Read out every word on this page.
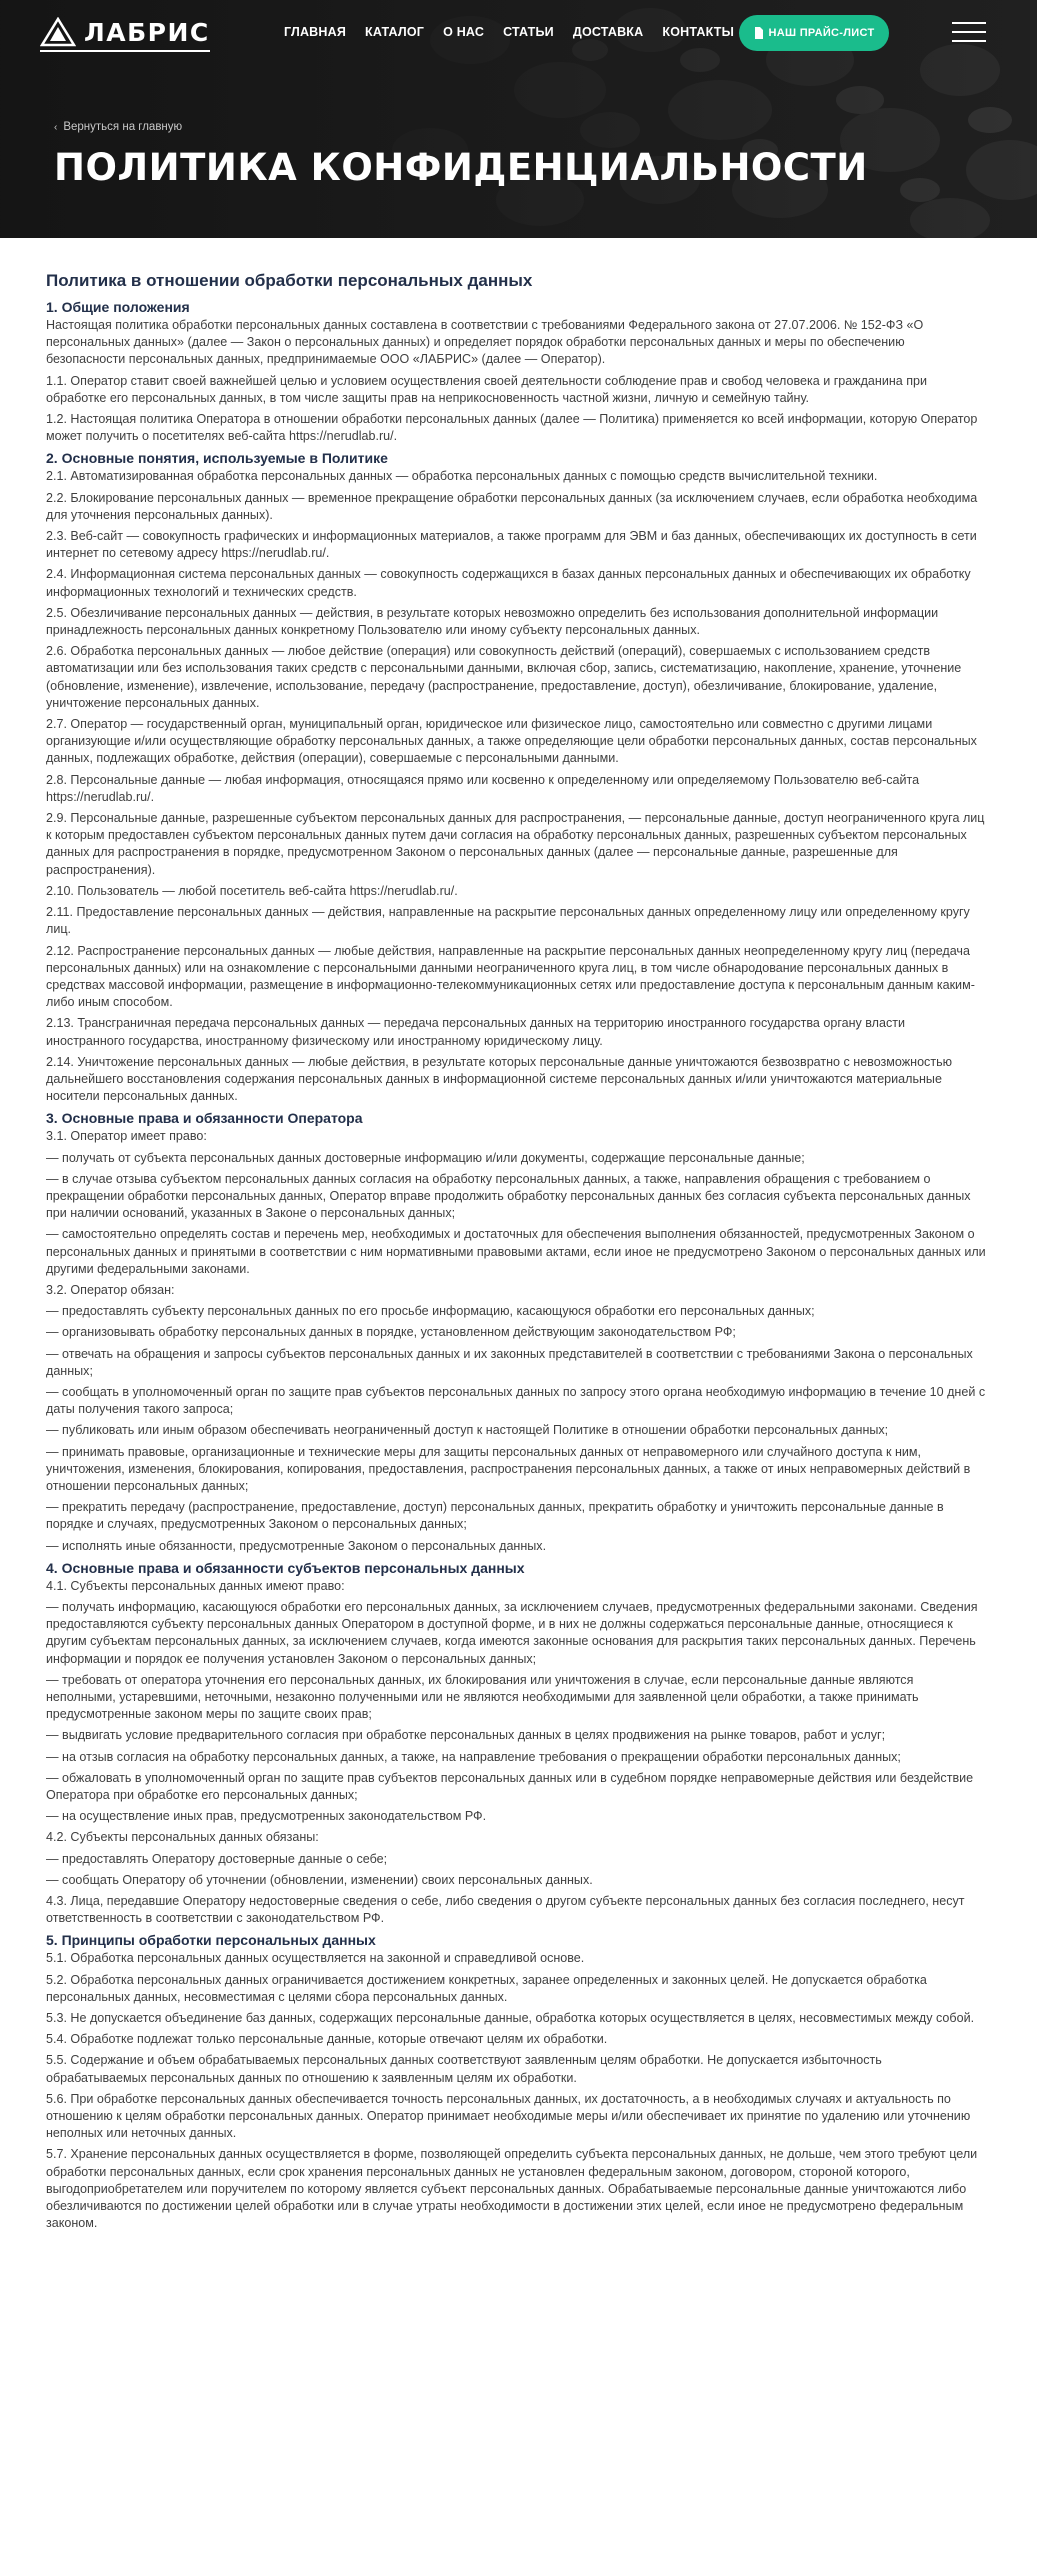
ЛАБРИС	ГЛАВНАЯ КАТАЛОГ О НАС СТАТЬИ ДОСТАВКА КОНТАКТЫ	НАШ ПРАЙС-ЛИСТ
‹ Вернуться на главную
ПОЛИТИКА КОНФИДЕНЦИАЛЬНОСТИ
Политика в отношении обработки персональных данных
1. Общие положения

Настоящая политика обработки персональных данных составлена в соответствии с требованиями Федерального закона от 27.07.2006. № 152-ФЗ «О персональных данных» (далее — Закон о персональных данных) и определяет порядок обработки персональных данных и меры по обеспечению безопасности персональных данных, предпринимаемые ООО «ЛАБРИС» (далее — Оператор).

1.1. Оператор ставит своей важнейшей целью и условием осуществления своей деятельности соблюдение прав и свобод человека и гражданина при обработке его персональных данных, в том числе защиты прав на неприкосновенность частной жизни, личную и семейную тайну.

1.2. Настоящая политика Оператора в отношении обработки персональных данных (далее — Политика) применяется ко всей информации, которую Оператор может получить о посетителях веб-сайта https://nerudlab.ru/.

2. Основные понятия, используемые в Политике

2.1. Автоматизированная обработка персональных данных — обработка персональных данных с помощью средств вычислительной техники.

2.2. Блокирование персональных данных — временное прекращение обработки персональных данных (за исключением случаев, если обработка необходима для уточнения персональных данных).

2.3. Веб-сайт — совокупность графических и информационных материалов, а также программ для ЭВМ и баз данных, обеспечивающих их доступность в сети интернет по сетевому адресу https://nerudlab.ru/.

2.4. Информационная система персональных данных — совокупность содержащихся в базах данных персональных данных и обеспечивающих их обработку информационных технологий и технических средств.

2.5. Обезличивание персональных данных — действия, в результате которых невозможно определить без использования дополнительной информации принадлежность персональных данных конкретному Пользователю или иному субъекту персональных данных.

2.6. Обработка персональных данных — любое действие (операция) или совокупность действий (операций), совершаемых с использованием средств автоматизации или без использования таких средств с персональными данными, включая сбор, запись, систематизацию, накопление, хранение, уточнение (обновление, изменение), извлечение, использование, передачу (распространение, предоставление, доступ), обезличивание, блокирование, удаление, уничтожение персональных данных.

2.7. Оператор — государственный орган, муниципальный орган, юридическое или физическое лицо, самостоятельно или совместно с другими лицами организующие и/или осуществляющие обработку персональных данных, а также определяющие цели обработки персональных данных, состав персональных данных, подлежащих обработке, действия (операции), совершаемые с персональными данными.

2.8. Персональные данные — любая информация, относящаяся прямо или косвенно к определенному или определяемому Пользователю веб-сайта https://nerudlab.ru/.

2.9. Персональные данные, разрешенные субъектом персональных данных для распространения, — персональные данные, доступ неограниченного круга лиц к которым предоставлен субъектом персональных данных путем дачи согласия на обработку персональных данных, разрешенных субъектом персональных данных для распространения в порядке, предусмотренном Законом о персональных данных (далее — персональные данные, разрешенные для распространения).

2.10. Пользователь — любой посетитель веб-сайта https://nerudlab.ru/.

2.11. Предоставление персональных данных — действия, направленные на раскрытие персональных данных определенному лицу или определенному кругу лиц.

2.12. Распространение персональных данных — любые действия, направленные на раскрытие персональных данных неопределенному кругу лиц (передача персональных данных) или на ознакомление с персональными данными неограниченного круга лиц, в том числе обнародование персональных данных в средствах массовой информации, размещение в информационно-телекоммуникационных сетях или предоставление доступа к персональным данным каким-либо иным способом.

2.13. Трансграничная передача персональных данных — передача персональных данных на территорию иностранного государства органу власти иностранного государства, иностранному физическому или иностранному юридическому лицу.

2.14. Уничтожение персональных данных — любые действия, в результате которых персональные данные уничтожаются безвозвратно с невозможностью дальнейшего восстановления содержания персональных данных в информационной системе персональных данных и/или уничтожаются материальные носители персональных данных.

3. Основные права и обязанности Оператора

3.1. Оператор имеет право:

— получать от субъекта персональных данных достоверные информацию и/или документы, содержащие персональные данные;

— в случае отзыва субъектом персональных данных согласия на обработку персональных данных, а также, направления обращения с требованием о прекращении обработки персональных данных, Оператор вправе продолжить обработку персональных данных без согласия субъекта персональных данных при наличии оснований, указанных в Законе о персональных данных;

— самостоятельно определять состав и перечень мер, необходимых и достаточных для обеспечения выполнения обязанностей, предусмотренных Законом о персональных данных и принятыми в соответствии с ним нормативными правовыми актами, если иное не предусмотрено Законом о персональных данных или другими федеральными законами.

3.2. Оператор обязан:

— предоставлять субъекту персональных данных по его просьбе информацию, касающуюся обработки его персональных данных;

— организовывать обработку персональных данных в порядке, установленном действующим законодательством РФ;

— отвечать на обращения и запросы субъектов персональных данных и их законных представителей в соответствии с требованиями Закона о персональных данных;

— сообщать в уполномоченный орган по защите прав субъектов персональных данных по запросу этого органа необходимую информацию в течение 10 дней с даты получения такого запроса;

— публиковать или иным образом обеспечивать неограниченный доступ к настоящей Политике в отношении обработки персональных данных;

— принимать правовые, организационные и технические меры для защиты персональных данных от неправомерного или случайного доступа к ним, уничтожения, изменения, блокирования, копирования, предоставления, распространения персональных данных, а также от иных неправомерных действий в отношении персональных данных;

— прекратить передачу (распространение, предоставление, доступ) персональных данных, прекратить обработку и уничтожить персональные данные в порядке и случаях, предусмотренных Законом о персональных данных;

— исполнять иные обязанности, предусмотренные Законом о персональных данных.

4. Основные права и обязанности субъектов персональных данных

4.1. Субъекты персональных данных имеют право:

— получать информацию, касающуюся обработки его персональных данных, за исключением случаев, предусмотренных федеральными законами. Сведения предоставляются субъекту персональных данных Оператором в доступной форме, и в них не должны содержаться персональные данные, относящиеся к другим субъектам персональных данных, за исключением случаев, когда имеются законные основания для раскрытия таких персональных данных. Перечень информации и порядок ее получения установлен Законом о персональных данных;

— требовать от оператора уточнения его персональных данных, их блокирования или уничтожения в случае, если персональные данные являются неполными, устаревшими, неточными, незаконно полученными или не являются необходимыми для заявленной цели обработки, а также принимать предусмотренные законом меры по защите своих прав;

— выдвигать условие предварительного согласия при обработке персональных данных в целях продвижения на рынке товаров, работ и услуг;

— на отзыв согласия на обработку персональных данных, а также, на направление требования о прекращении обработки персональных данных;

— обжаловать в уполномоченный орган по защите прав субъектов персональных данных или в судебном порядке неправомерные действия или бездействие Оператора при обработке его персональных данных;

— на осуществление иных прав, предусмотренных законодательством РФ.

4.2. Субъекты персональных данных обязаны:

— предоставлять Оператору достоверные данные о себе;

— сообщать Оператору об уточнении (обновлении, изменении) своих персональных данных.

4.3. Лица, передавшие Оператору недостоверные сведения о себе, либо сведения о другом субъекте персональных данных без согласия последнего, несут ответственность в соответствии с законодательством РФ.

5. Принципы обработки персональных данных

5.1. Обработка персональных данных осуществляется на законной и справедливой основе.

5.2. Обработка персональных данных ограничивается достижением конкретных, заранее определенных и законных целей. Не допускается обработка персональных данных, несовместимая с целями сбора персональных данных.

5.3. Не допускается объединение баз данных, содержащих персональные данные, обработка которых осуществляется в целях, несовместимых между собой.

5.4. Обработке подлежат только персональные данные, которые отвечают целям их обработки.

5.5. Содержание и объем обрабатываемых персональных данных соответствуют заявленным целям обработки. Не допускается избыточность обрабатываемых персональных данных по отношению к заявленным целям их обработки.

5.6. При обработке персональных данных обеспечивается точность персональных данных, их достаточность, а в необходимых случаях и актуальность по отношению к целям обработки персональных данных. Оператор принимает необходимые меры и/или обеспечивает их принятие по удалению или уточнению неполных или неточных данных.

5.7. Хранение персональных данных осуществляется в форме, позволяющей определить субъекта персональных данных, не дольше, чем этого требуют цели обработки персональных данных, если срок хранения персональных данных не установлен федеральным законом, договором, стороной которого, выгодоприобретателем или поручителем по которому является субъект персональных данных. Обрабатываемые персональные данные уничтожаются либо обезличиваются по достижении целей обработки или в случае утраты необходимости в достижении этих целей, если иное не предусмотрено федеральным законом.
